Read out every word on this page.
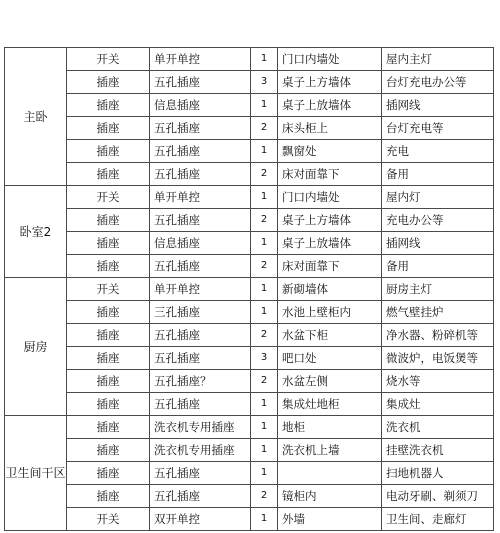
主卧	开关	单开单控	1	门口内墙处	屋内主灯
	插座	五孔插座	3	桌子上方墙体	台灯充电办公等
	插座	信息插座	1	桌子上放墙体	插网线
	插座	五孔插座	2	床头柜上	台灯充电等
	插座	五孔插座	1	飘窗处	充电
	插座	五孔插座	2	床对面靠下	备用
卧室2	开关	单开单控	1	门口内墙处	屋内灯
	插座	五孔插座	2	桌子上方墙体	充电办公等
	插座	信息插座	1	桌子上放墙体	插网线
	插座	五孔插座	2	床对面靠下	备用
厨房	开关	单开单控	1	新砌墙体	厨房主灯
	插座	三孔插座	1	水池上壁柜内	燃气壁挂炉
	插座	五孔插座	2	水盆下柜	净水器、粉碎机等
	插座	五孔插座	3	吧口处	微波炉，电饭煲等
	插座	五孔插座？	2	水盆左侧	烧水等
	插座	五孔插座	1	集成灶地柜	集成灶
卫生间干区	插座	洗衣机专用插座	1	地柜	洗衣机
	插座	洗衣机专用插座	1	洗衣机上墙	挂壁洗衣机
	插座	五孔插座	1		扫地机器人
	插座	五孔插座	2	镜柜内	电动牙刷、剃须刀
	开关	双开单控	1	外墙	卫生间、走廊灯
